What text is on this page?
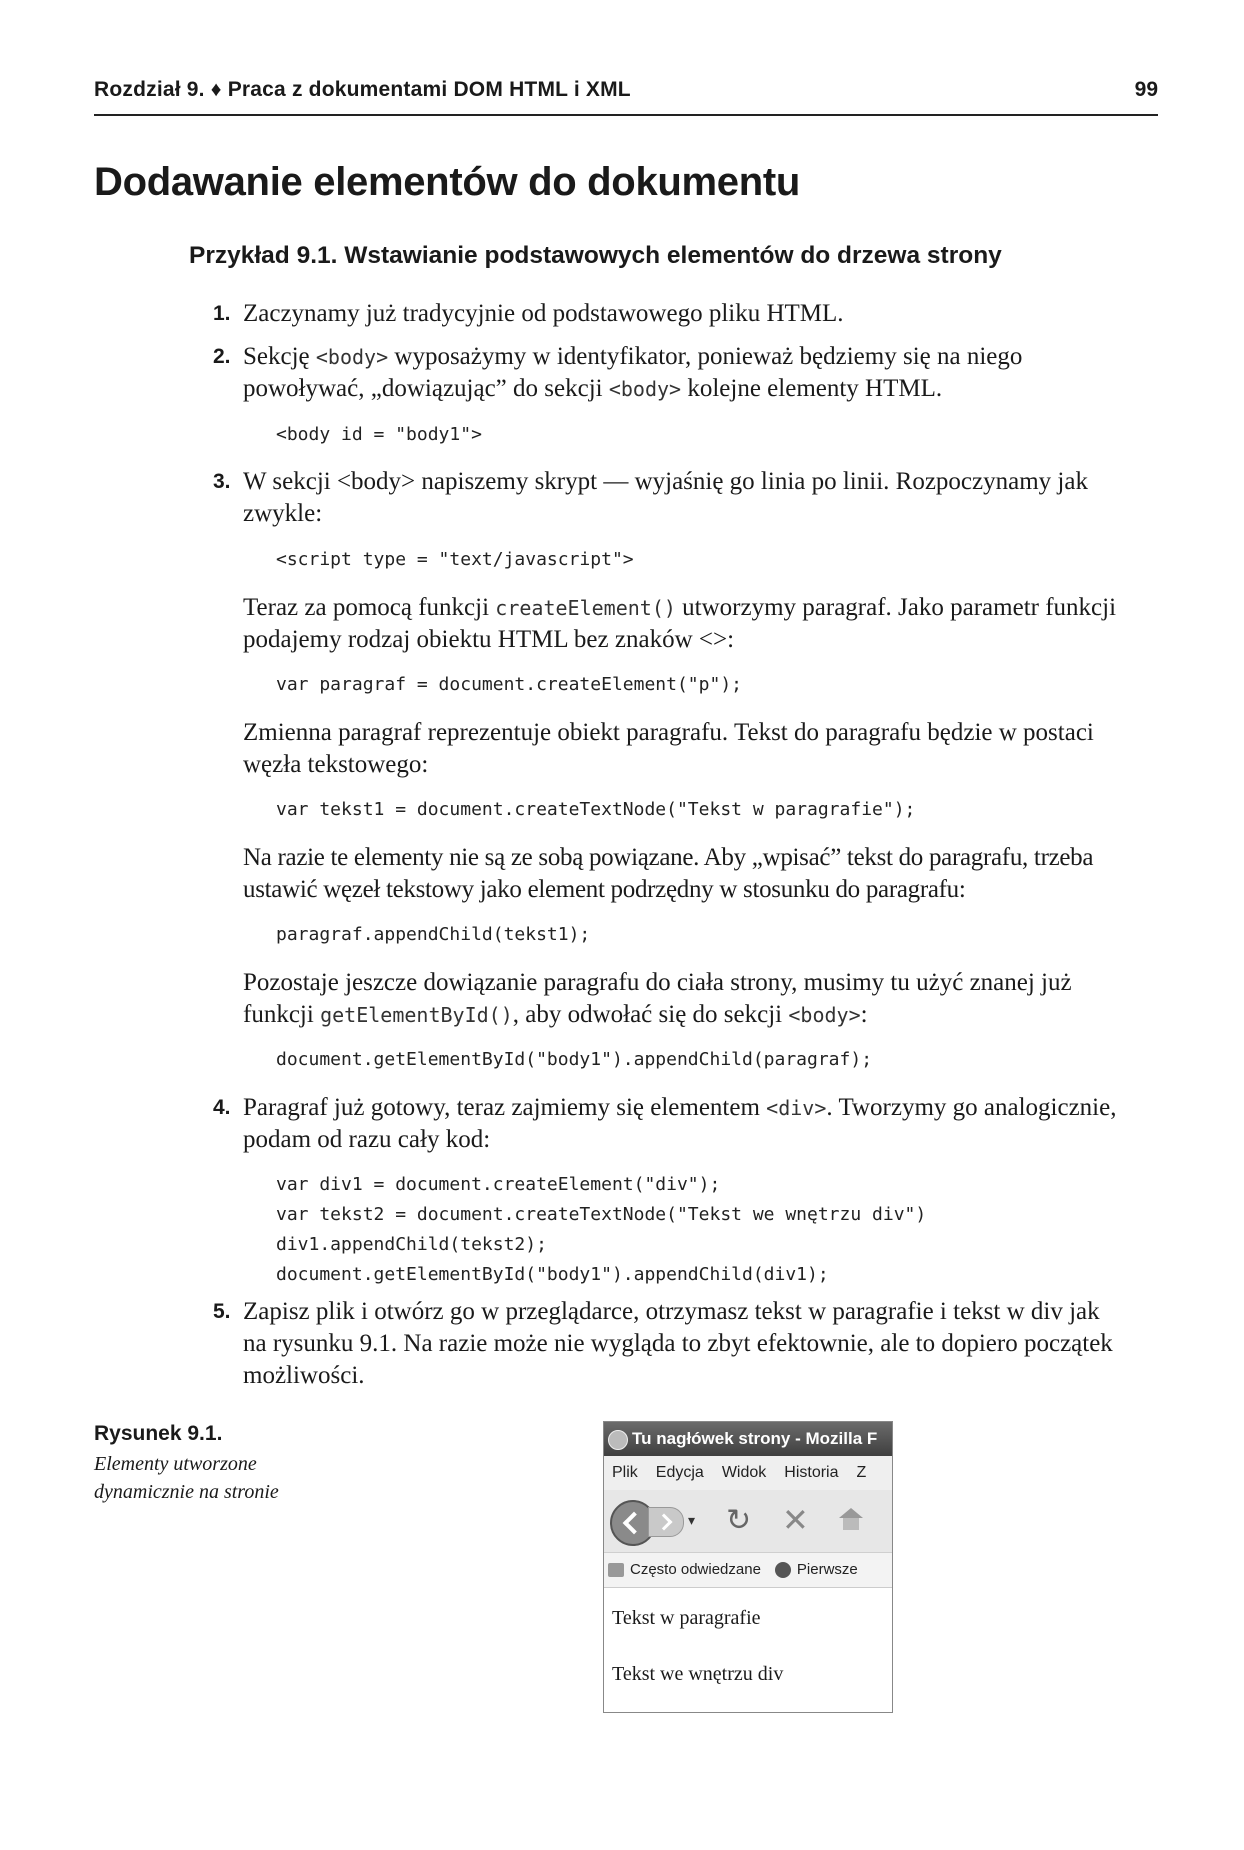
Rozdział 9. ♦ Praca z dokumentami DOM HTML i XML	99
Dodawanie elementów do dokumentu
Przykład 9.1. Wstawianie podstawowych elementów do drzewa strony
1. Zaczynamy już tradycyjnie od podstawowego pliku HTML.
2. Sekcję <body> wyposażymy w identyfikator, ponieważ będziemy się na niego powoływać, „dowiązując” do sekcji <body> kolejne elementy HTML.
<body id = "body1">
3. W sekcji <body> napiszemy skrypt — wyjaśnię go linia po linii. Rozpoczynamy jak zwykle:
<script type = "text/javascript">
Teraz za pomocą funkcji createElement() utworzymy paragraf. Jako parametr funkcji podajemy rodzaj obiektu HTML bez znaków <>:
var paragraf = document.createElement("p");
Zmienna paragraf reprezentuje obiekt paragrafu. Tekst do paragrafu będzie w postaci węzła tekstowego:
var tekst1 = document.createTextNode("Tekst w paragrafie");
Na razie te elementy nie są ze sobą powiązane. Aby „wpisać” tekst do paragrafu, trzeba ustawić węzeł tekstowy jako element podrzędny w stosunku do paragrafu:
paragraf.appendChild(tekst1);
Pozostaje jeszcze dowiązanie paragrafu do ciała strony, musimy tu użyć znanej już funkcji getElementById(), aby odwołać się do sekcji <body>:
document.getElementById("body1").appendChild(paragraf);
4. Paragraf już gotowy, teraz zajmiemy się elementem <div>. Tworzymy go analogicznie, podam od razu cały kod:
var div1 = document.createElement("div");
var tekst2 = document.createTextNode("Tekst we wnętrzu div")
div1.appendChild(tekst2);
document.getElementById("body1").appendChild(div1);
5. Zapisz plik i otwórz go w przeglądarce, otrzymasz tekst w paragrafie i tekst w div jak na rysunku 9.1. Na razie może nie wygląda to zbyt efektownie, ale to dopiero początek możliwości.
Rysunek 9.1.
Elementy utworzone dynamicznie na stronie
Tu nagłówek strony - Mozilla F
Plik Edycja Widok Historia Z
▾ ↻ ✕
Często odwiedzane Pierwsze
Tekst w paragrafie
Tekst we wnętrzu div
